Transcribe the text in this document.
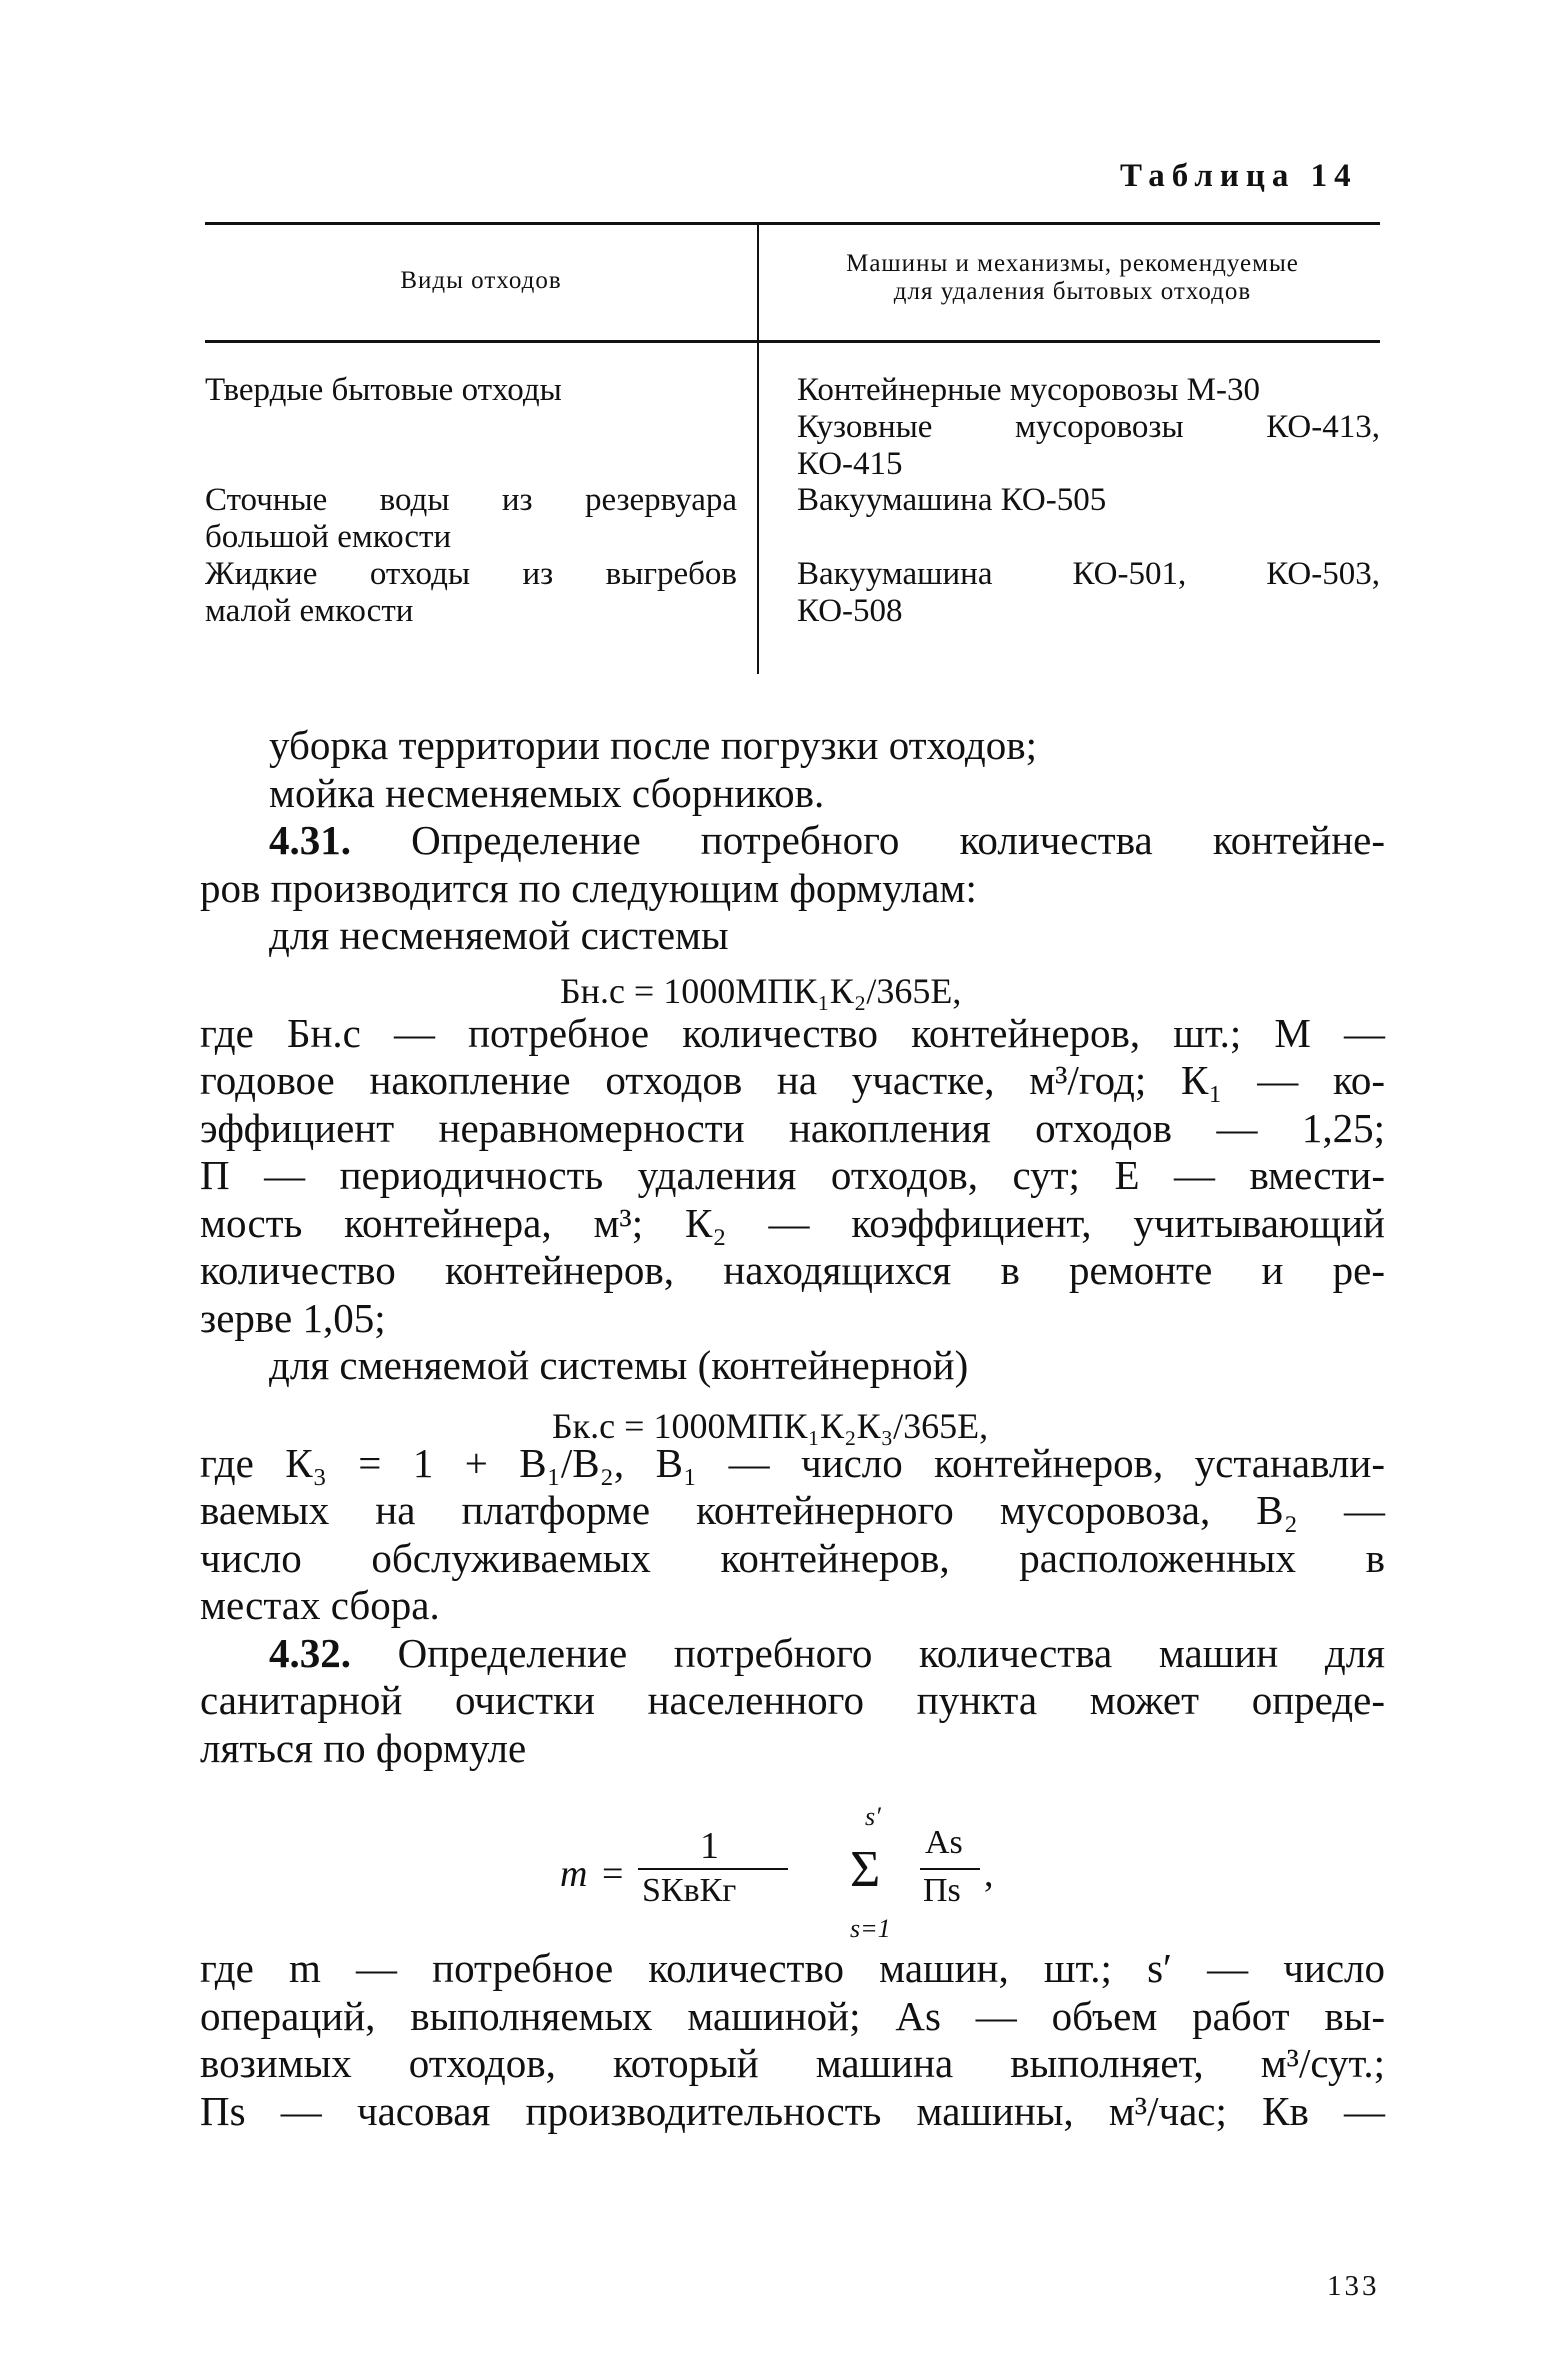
Таблица 14
Виды отходов
Машины и механизмы, рекомендуемые
для удаления бытовых отходов
Твердые бытовые отходы	Контейнерные мусоровозы М-30
Кузовные мусоровозы КО-413,
КО-415
Сточные воды из резервуара
большой емкости
Вакуумашина КО-505
Жидкие отходы из выгребов
малой емкости
Вакуумашина КО-501, КО-503,
КО-508
уборка территории после погрузки отходов;
мойка несменяемых сборников.
4.31. Определение потребного количества контейне-
ров производится по следующим формулам:
для несменяемой системы
где Бн.с — потребное количество контейнеров, шт.; М —
годовое накопление отходов на участке, м³/год; К₁ — ко-
эффициент неравномерности накопления отходов — 1,25;
П — периодичность удаления отходов, сут; Е — вмести-
мость контейнера, м³; К₂ — коэффициент, учитывающий
количество контейнеров, находящихся в ремонте и ре-
зерве 1,05;
для сменяемой системы (контейнерной)
где К₃ = 1 + В₁/В₂, В₁ — число контейнеров, устанавли-
ваемых на платформе контейнерного мусоровоза, В₂ —
число обслуживаемых контейнеров, расположенных в
местах сбора.
4.32. Определение потребного количества машин для
санитарной очистки населенного пункта может опреде-
ляться по формуле
где m — потребное количество машин, шт.; s′ — число
операций, выполняемых машиной; Аs — объем работ вы-
возимых отходов, который машина выполняет, м³/сут.;
Пs — часовая производительность машины, м³/час; Кв —
Бн.с = 1000МПК₁К₂/365Е,
Бк.с = 1000МПК₁К₂К₃/365Е,
m =
1
SКвКг
s′
Σ
s=1
As
Пs ,
133
